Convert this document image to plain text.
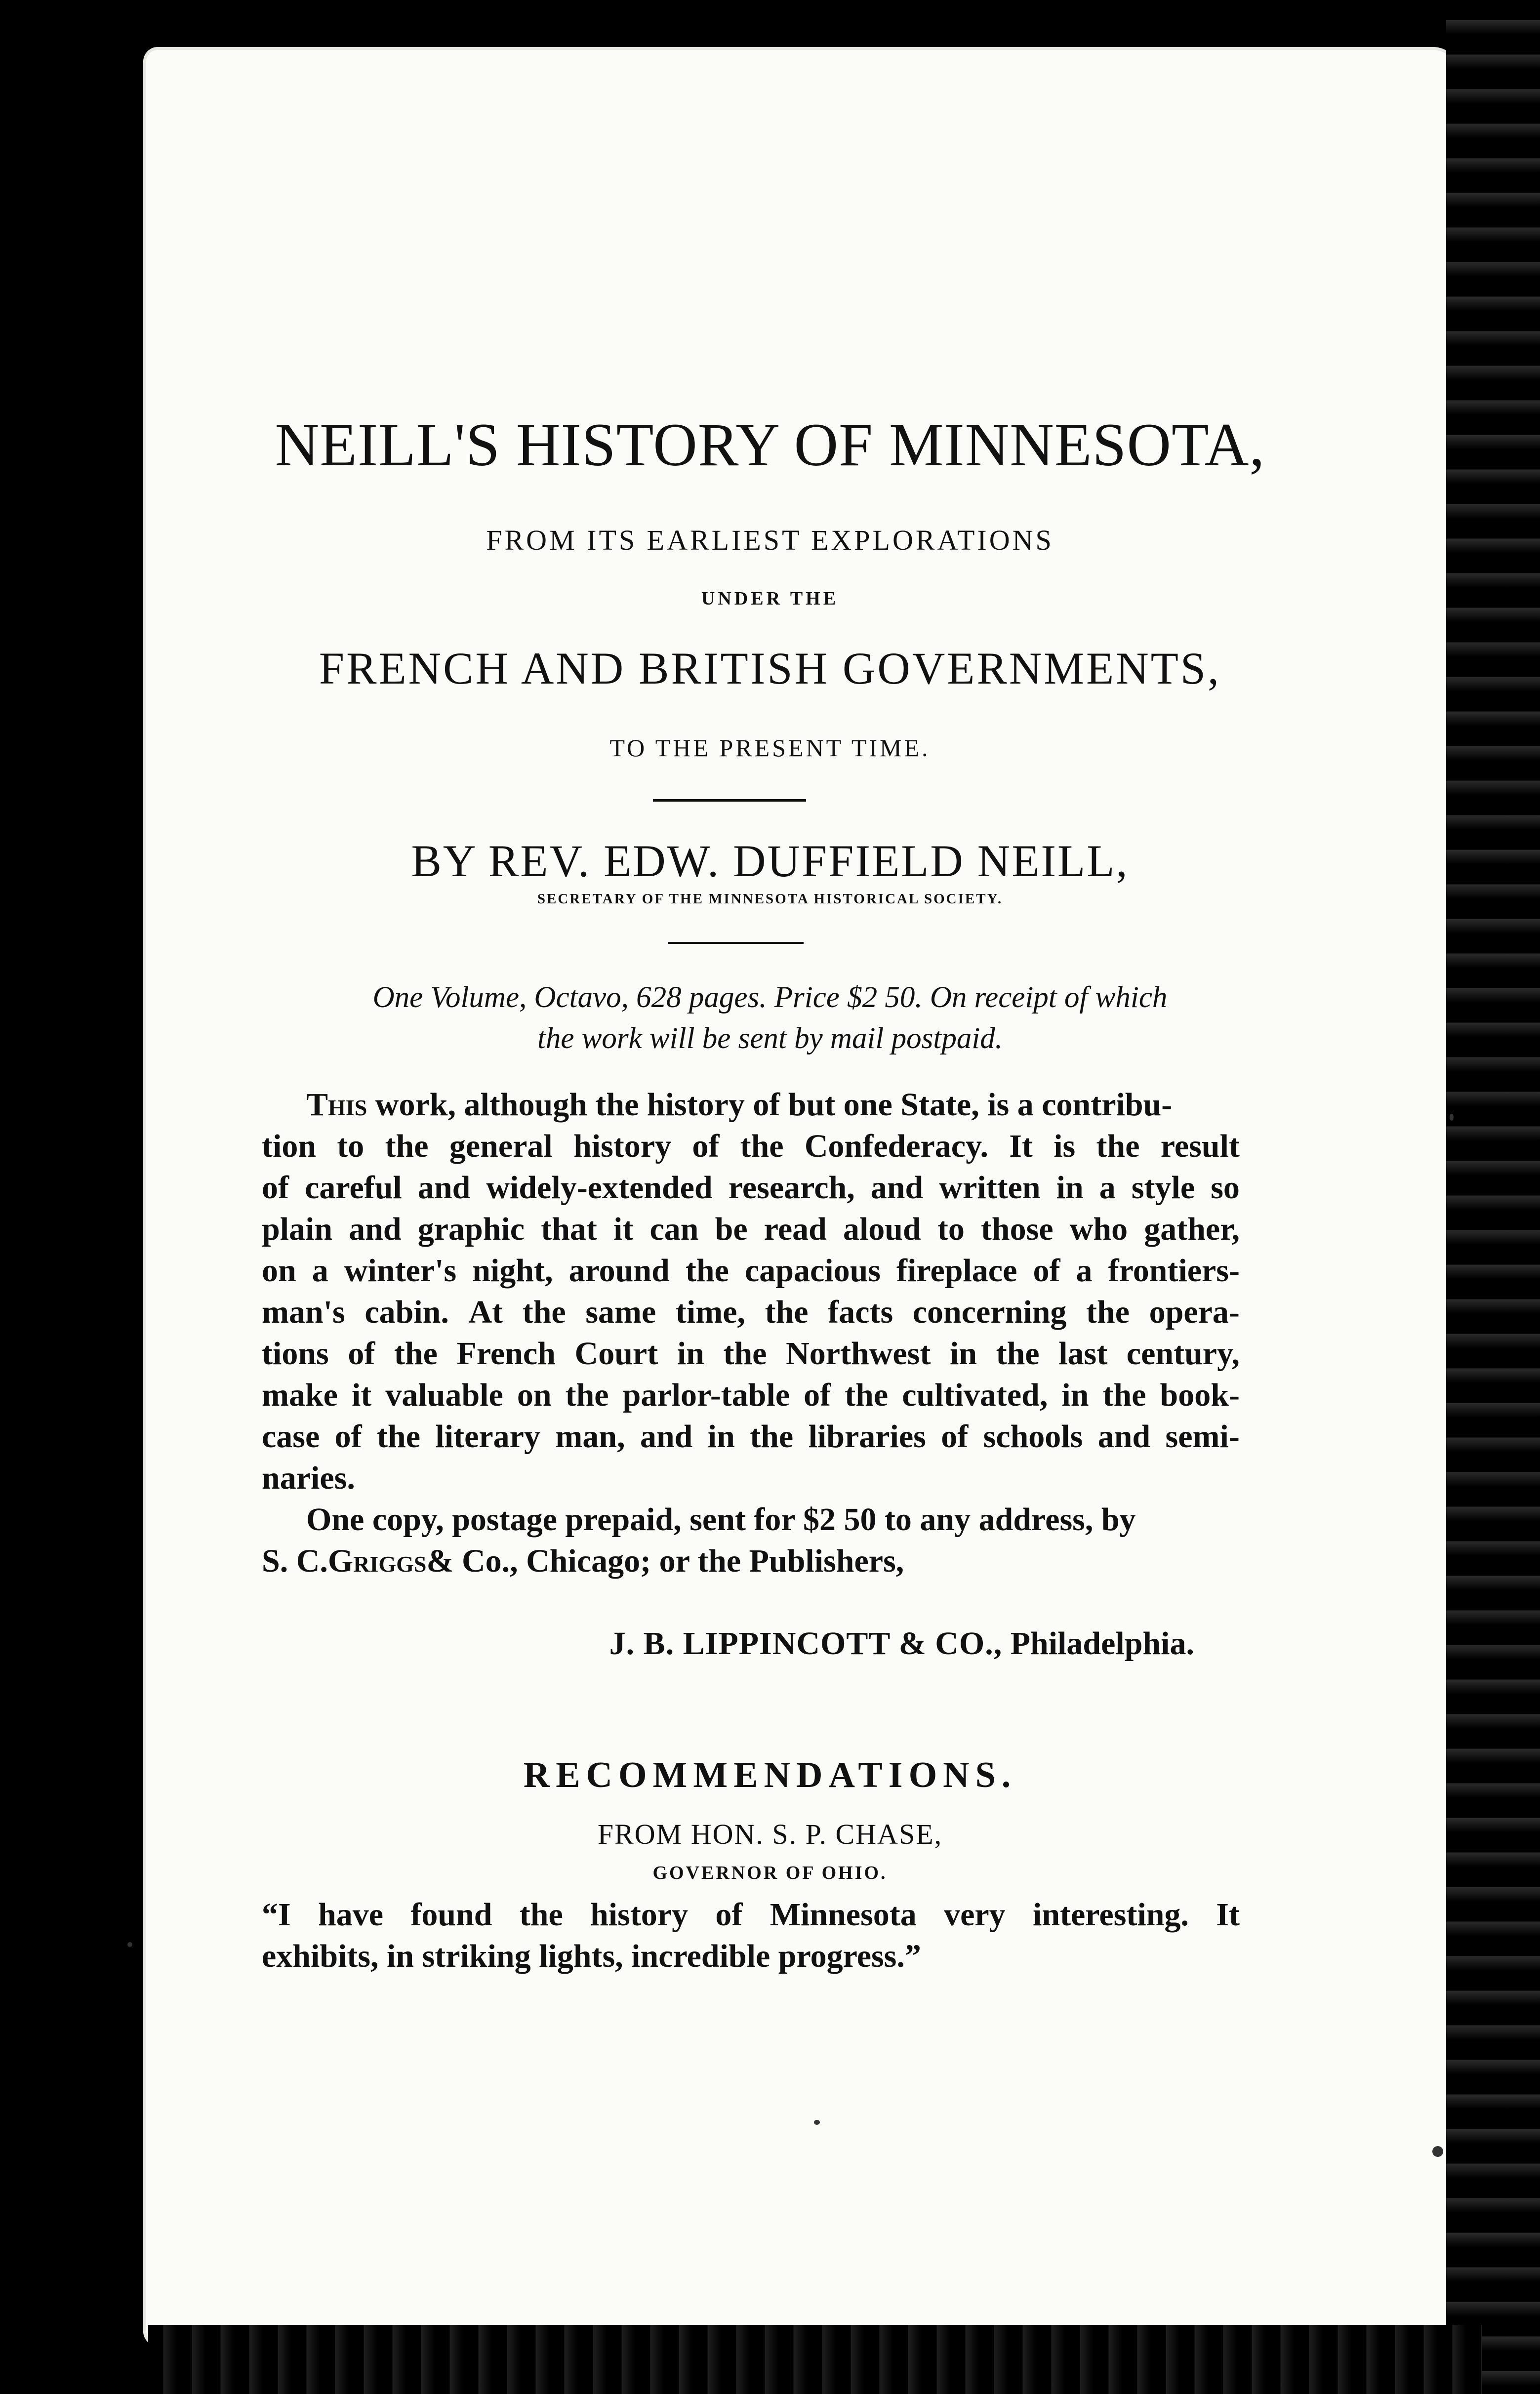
NEILL'S HISTORY OF MINNESOTA,
FROM ITS EARLIEST EXPLORATIONS
UNDER THE
FRENCH AND BRITISH GOVERNMENTS,
TO THE PRESENT TIME.
BY REV. EDW. DUFFIELD NEILL,
SECRETARY OF THE MINNESOTA HISTORICAL SOCIETY.
One Volume, Octavo, 628 pages. Price $2 50. On receipt of which
the work will be sent by mail postpaid.
This work, although the history of but one State, is a contribu-
tion to the general history of the Confederacy. It is the result
of careful and widely-extended research, and written in a style so
plain and graphic that it can be read aloud to those who gather,
on a winter's night, around the capacious fireplace of a frontiers-
man's cabin. At the same time, the facts concerning the opera-
tions of the French Court in the Northwest in the last century,
make it valuable on the parlor-table of the cultivated, in the book-
case of the literary man, and in the libraries of schools and semi-
naries.
One copy, postage prepaid, sent for $2 50 to any address, by
S. C. Griggs & Co., Chicago; or the Publishers,
J. B. LIPPINCOTT & CO., Philadelphia.
RECOMMENDATIONS.
FROM HON. S. P. CHASE,
GOVERNOR OF OHIO.
“I have found the history of Minnesota very interesting. It
exhibits, in striking lights, incredible progress.”
